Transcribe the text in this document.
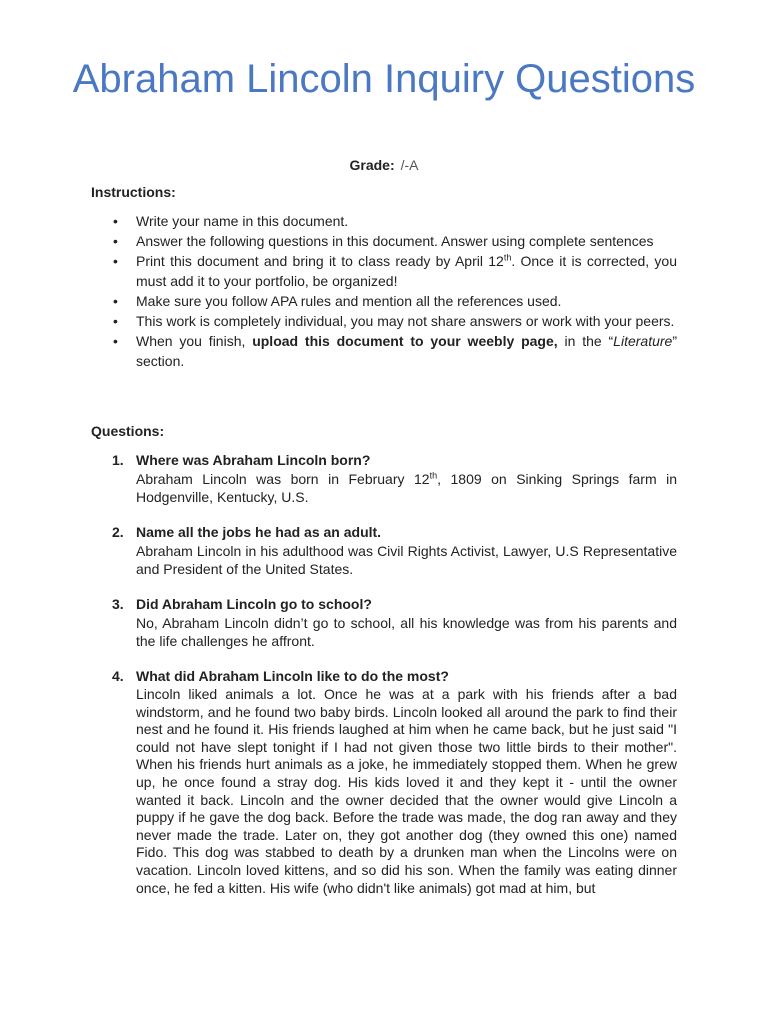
Abraham Lincoln Inquiry Questions
Grade: /-A
Instructions:
• Write your name in this document.
• Answer the following questions in this document. Answer using complete sentences
• Print this document and bring it to class ready by April 12th. Once it is corrected, you must add it to your portfolio, be organized!
• Make sure you follow APA rules and mention all the references used.
• This work is completely individual, you may not share answers or work with your peers.
• When you finish, upload this document to your weebly page, in the “Literature” section.
Questions:
1. Where was Abraham Lincoln born?
Abraham Lincoln was born in February 12th, 1809 on Sinking Springs farm in Hodgenville, Kentucky, U.S.
2. Name all the jobs he had as an adult.
Abraham Lincoln in his adulthood was Civil Rights Activist, Lawyer, U.S Representative and President of the United States.
3. Did Abraham Lincoln go to school?
No, Abraham Lincoln didn’t go to school, all his knowledge was from his parents and the life challenges he affront.
4. What did Abraham Lincoln like to do the most?
Lincoln liked animals a lot. Once he was at a park with his friends after a bad windstorm, and he found two baby birds. Lincoln looked all around the park to find their nest and he found it. His friends laughed at him when he came back, but he just said "I could not have slept tonight if I had not given those two little birds to their mother". When his friends hurt animals as a joke, he immediately stopped them. When he grew up, he once found a stray dog. His kids loved it and they kept it - until the owner wanted it back. Lincoln and the owner decided that the owner would give Lincoln a puppy if he gave the dog back. Before the trade was made, the dog ran away and they never made the trade. Later on, they got another dog (they owned this one) named Fido. This dog was stabbed to death by a drunken man when the Lincolns were on vacation. Lincoln loved kittens, and so did his son. When the family was eating dinner once, he fed a kitten. His wife (who didn't like animals) got mad at him, but
